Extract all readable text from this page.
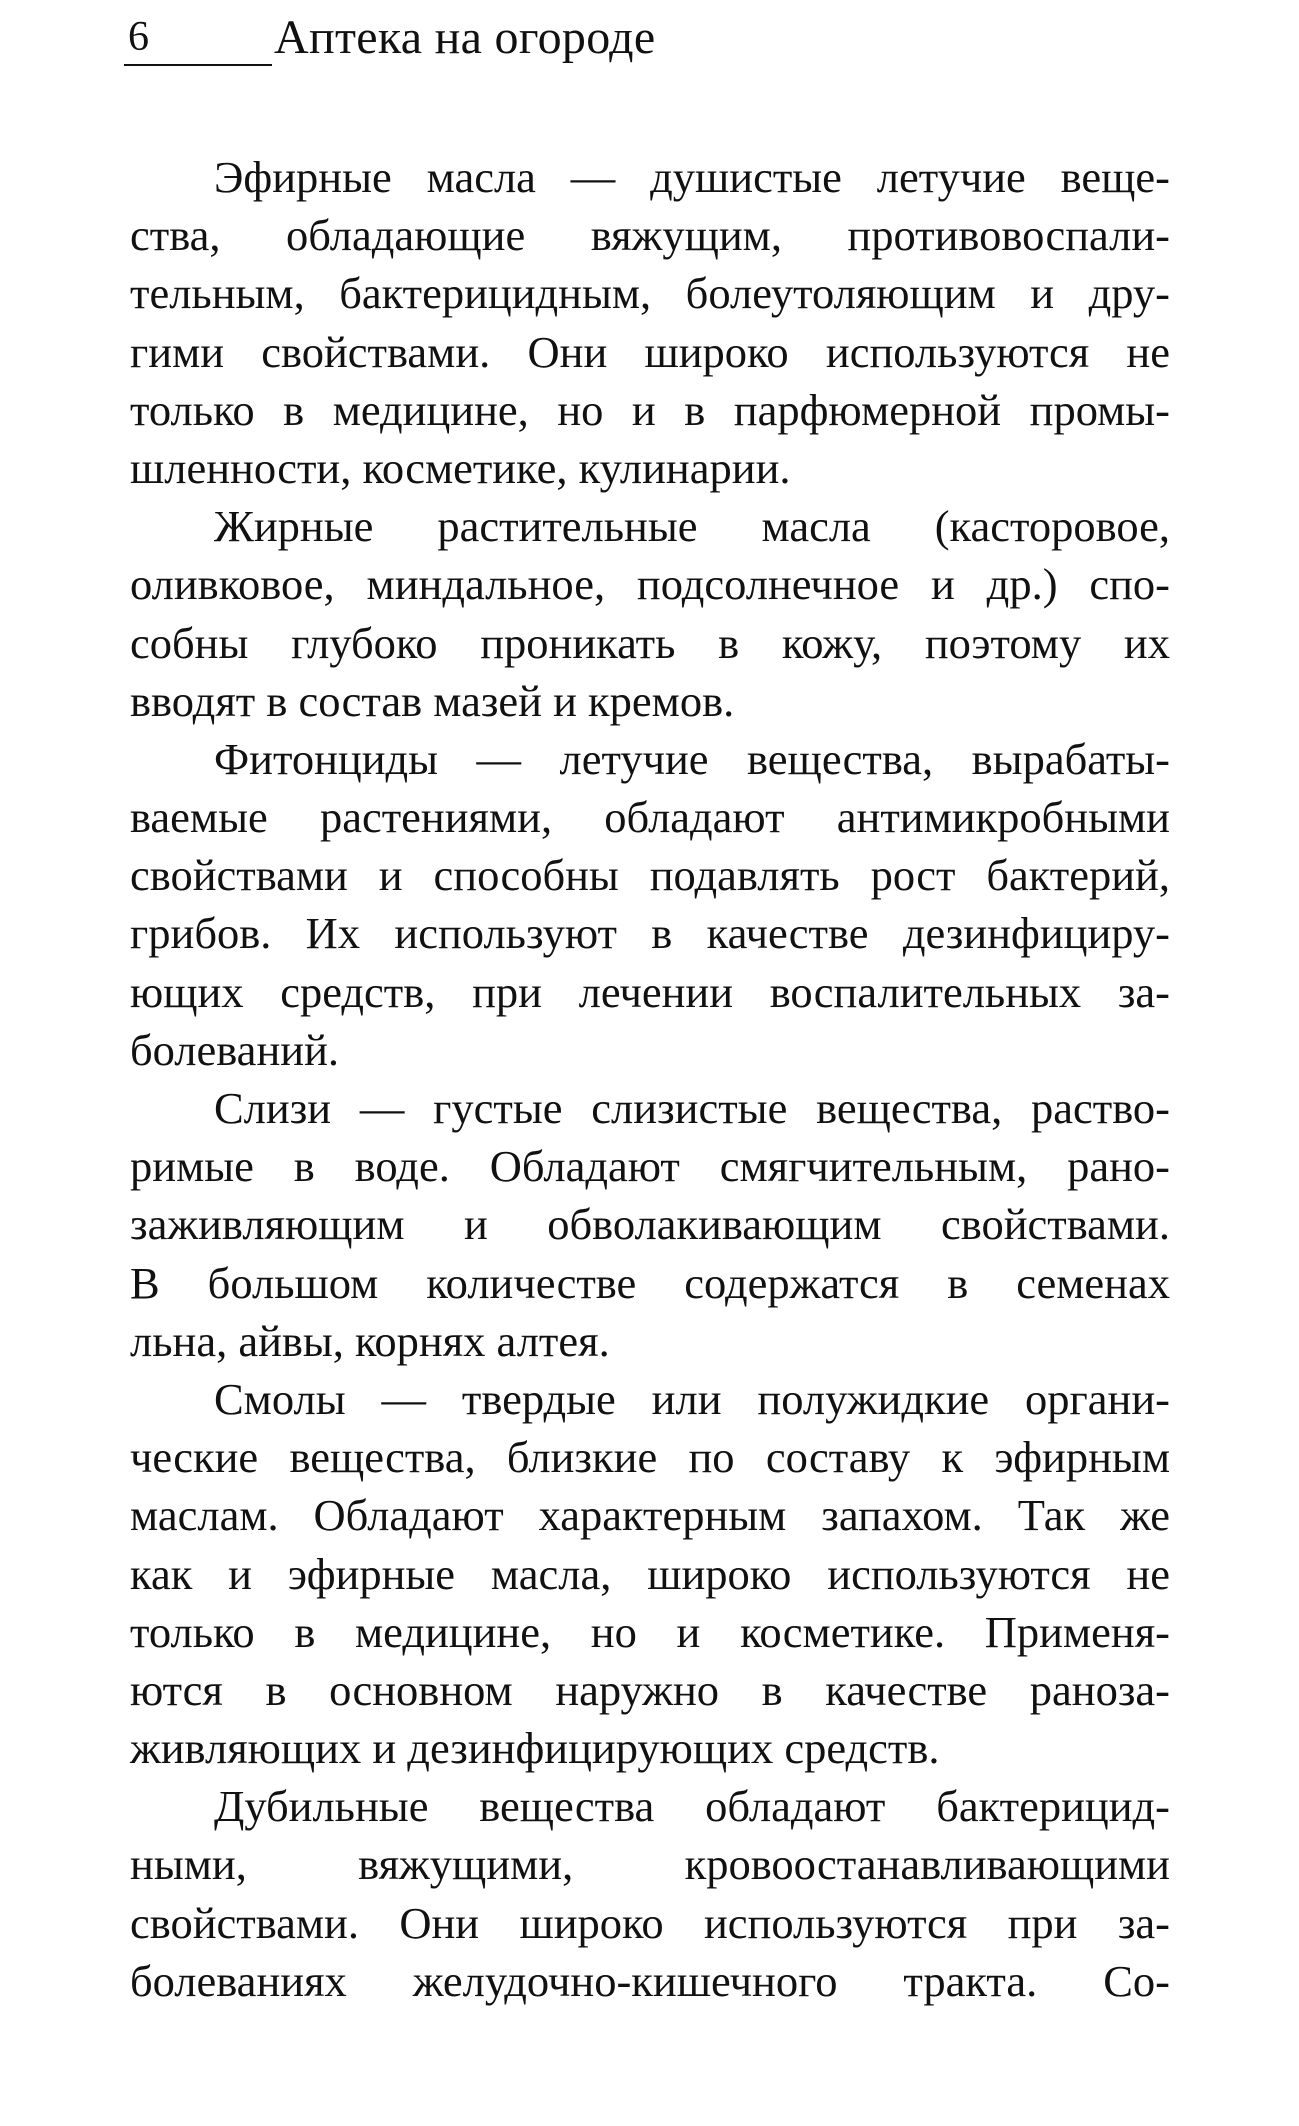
6	Аптека на огороде

Эфирные масла — душистые летучие веще-
ства, обладающие вяжущим, противовоспали-
тельным, бактерицидным, болеутоляющим и дру-
гими свойствами. Они широко используются не
только в медицине, но и в парфюмерной промы-
шленности, косметике, кулинарии.

Жирные растительные масла (касторовое,
оливковое, миндальное, подсолнечное и др.) спо-
собны глубоко проникать в кожу, поэтому их
вводят в состав мазей и кремов.

Фитонциды — летучие вещества, вырабаты-
ваемые растениями, обладают антимикробными
свойствами и способны подавлять рост бактерий,
грибов. Их используют в качестве дезинфициру-
ющих средств, при лечении воспалительных за-
болеваний.

Слизи — густые слизистые вещества, раство-
римые в воде. Обладают смягчительным, рано-
заживляющим и обволакивающим свойствами.
В большом количестве содержатся в семенах
льна, айвы, корнях алтея.

Смолы — твердые или полужидкие органи-
ческие вещества, близкие по составу к эфирным
маслам. Обладают характерным запахом. Так же
как и эфирные масла, широко используются не
только в медицине, но и косметике. Применя-
ются в основном наружно в качестве раноза-
живляющих и дезинфицирующих средств.

Дубильные вещества обладают бактерицид-
ными, вяжущими, кровоостанавливающими
свойствами. Они широко используются при за-
болеваниях желудочно-кишечного тракта. Со-
